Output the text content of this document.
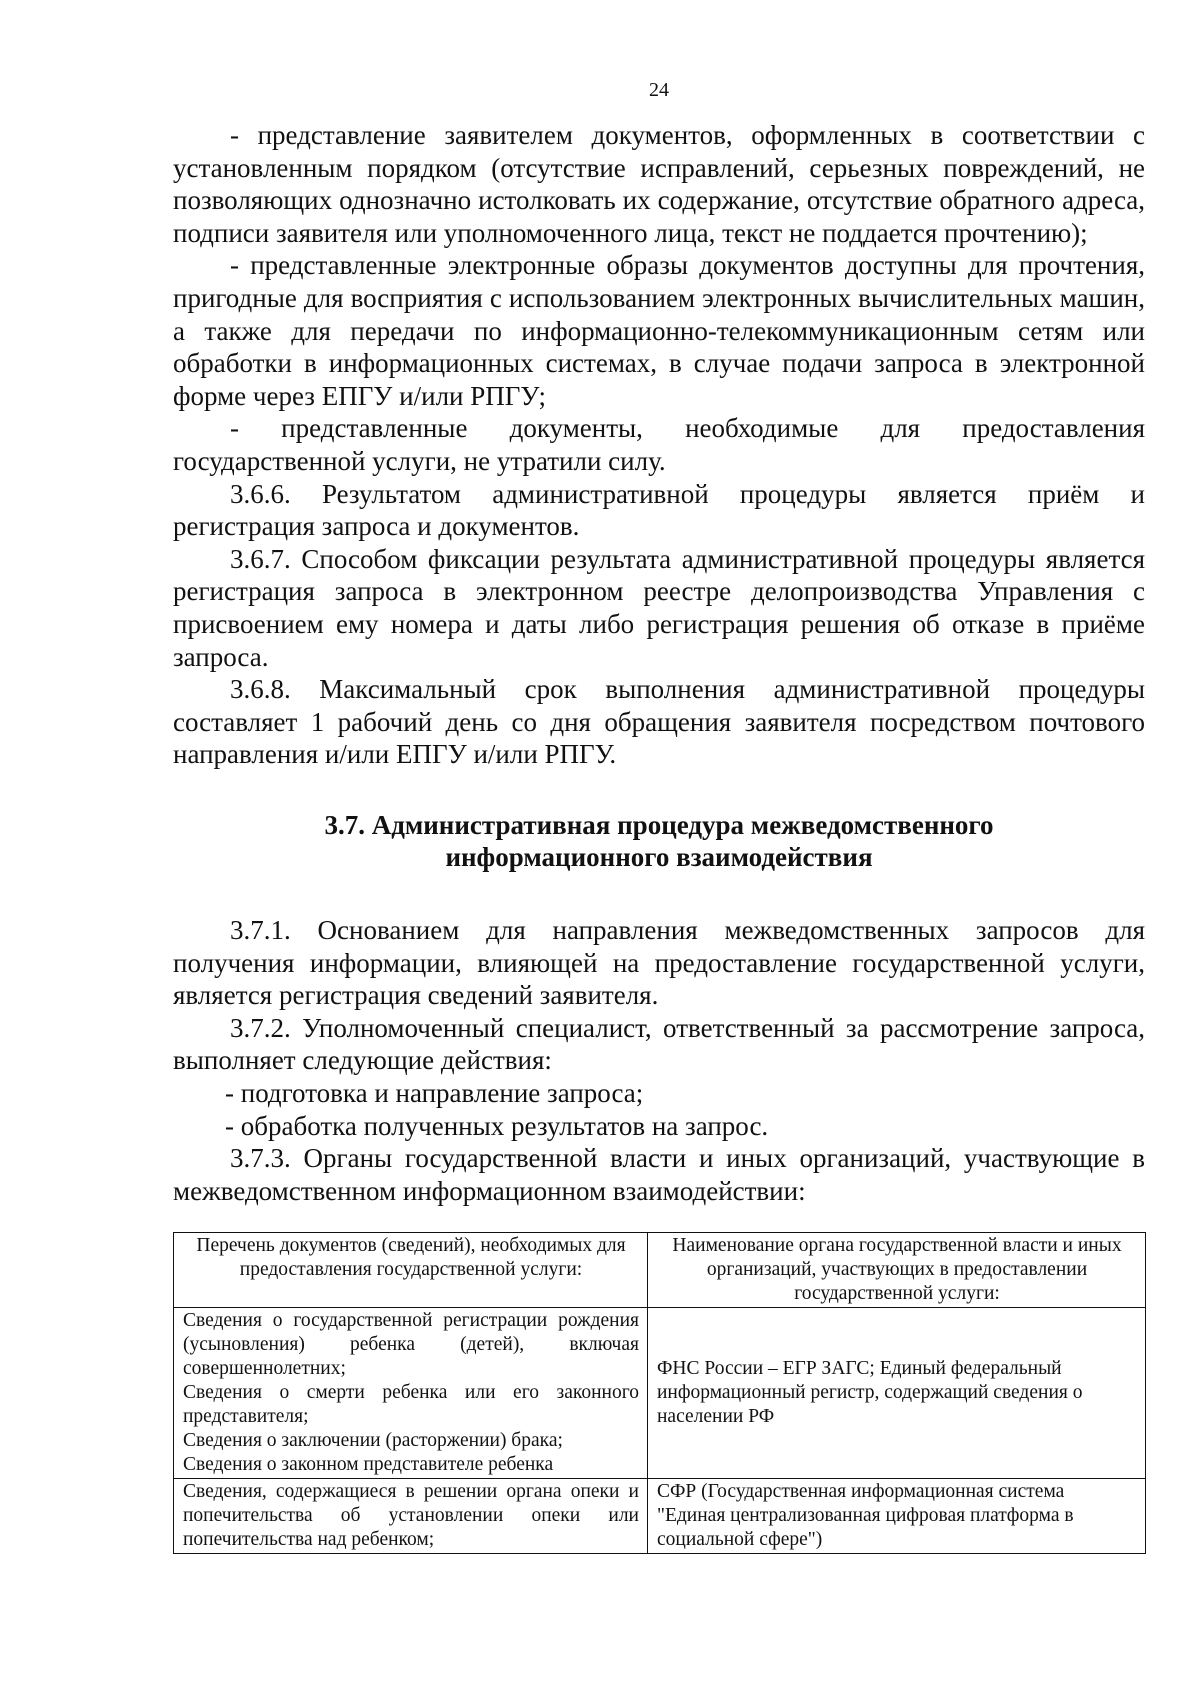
24

- представление заявителем документов, оформленных в соответствии с установленным порядком (отсутствие исправлений, серьезных повреждений, не позволяющих однозначно истолковать их содержание, отсутствие обратного адреса, подписи заявителя или уполномоченного лица, текст не поддается прочтению);

- представленные электронные образы документов доступны для прочтения, пригодные для восприятия с использованием электронных вычислительных машин, а также для передачи по информационно-телекоммуникационным сетям или обработки в информационных системах, в случае подачи запроса в электронной форме через ЕПГУ и/или РПГУ;

- представленные документы, необходимые для предоставления государственной услуги, не утратили силу.

3.6.6. Результатом административной процедуры является приём и регистрация запроса и документов.

3.6.7. Способом фиксации результата административной процедуры является регистрация запроса в электронном реестре делопроизводства Управления с присвоением ему номера и даты либо регистрация решения об отказе в приёме запроса.

3.6.8. Максимальный срок выполнения административной процедуры составляет 1 рабочий день со дня обращения заявителя посредством почтового направления и/или ЕПГУ и/или РПГУ.

3.7. Административная процедура межведомственного
информационного взаимодействия

3.7.1. Основанием для направления межведомственных запросов для получения информации, влияющей на предоставление государственной услуги, является регистрация сведений заявителя.

3.7.2. Уполномоченный специалист, ответственный за рассмотрение запроса, выполняет следующие действия:

- подготовка и направление запроса;

- обработка полученных результатов на запрос.

3.7.3. Органы государственной власти и иных организаций, участвующие в межведомственном информационном взаимодействии:

Перечень документов (сведений), необходимых для предоставления государственной услуги:	Наименование органа государственной власти и иных организаций, участвующих в предоставлении государственной услуги:

Сведения о государственной регистрации рождения (усыновления) ребенка (детей), включая совершеннолетних;
Сведения о смерти ребенка или его законного представителя;
Сведения о заключении (расторжении) брака;
Сведения о законном представителе ребенка	ФНС России – ЕГР ЗАГС; Единый федеральный информационный регистр, содержащий сведения о населении РФ

Сведения, содержащиеся в решении органа опеки и попечительства об установлении опеки или попечительства над ребенком;	СФР (Государственная информационная система "Единая централизованная цифровая платформа в социальной сфере")
